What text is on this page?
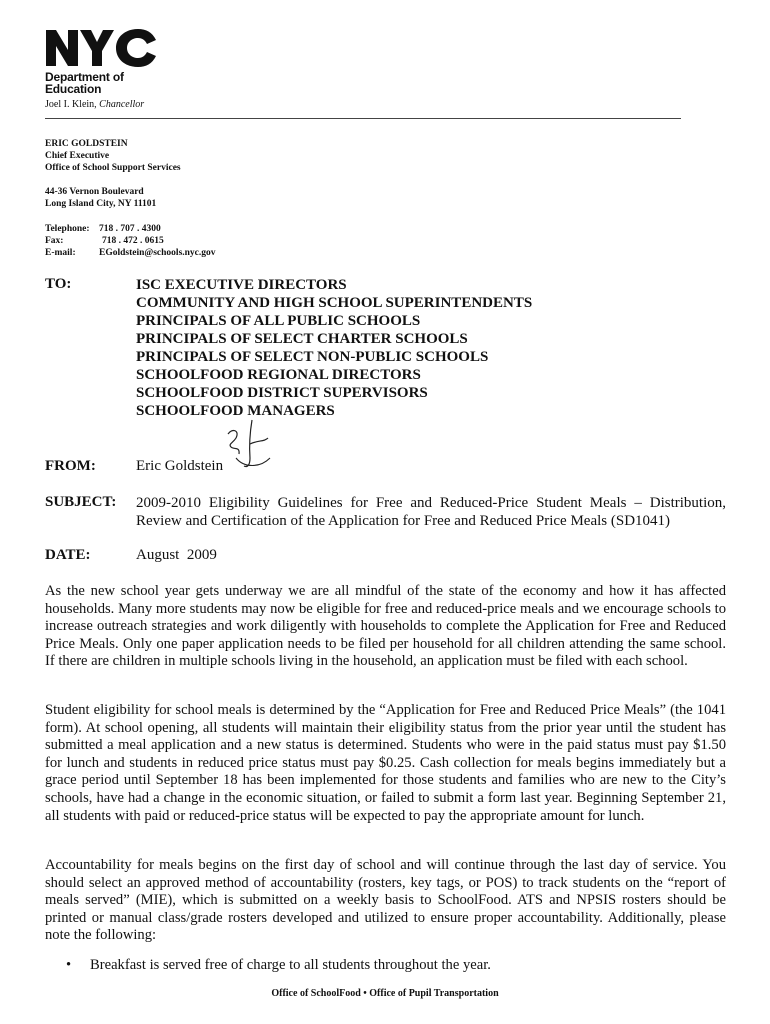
Department of
Education
Joel I. Klein, Chancellor
ERIC GOLDSTEIN
Chief Executive
Office of School Support Services
44-36 Vernon Boulevard
Long Island City, NY 11101
Telephone: 718 . 707 . 4300
Fax:	718 . 472 . 0615
E-mail: EGoldstein@schools.nyc.gov
TO:	ISC EXECUTIVE DIRECTORS
COMMUNITY AND HIGH SCHOOL SUPERINTENDENTS
PRINCIPALS OF ALL PUBLIC SCHOOLS
PRINCIPALS OF SELECT CHARTER SCHOOLS
PRINCIPALS OF SELECT NON-PUBLIC SCHOOLS
SCHOOLFOOD REGIONAL DIRECTORS
SCHOOLFOOD DISTRICT SUPERVISORS
SCHOOLFOOD MANAGERS
FROM:	Eric Goldstein
SUBJECT: 2009-2010 Eligibility Guidelines for Free and Reduced-Price Student Meals – Distribution, Review and Certification of the Application for Free and Reduced Price Meals (SD1041)
DATE:	August  2009
As the new school year gets underway we are all mindful of the state of the economy and how it has affected households. Many more students may now be eligible for free and reduced-price meals and we encourage schools to increase outreach strategies and work diligently with households to complete the Application for Free and Reduced Price Meals. Only one paper application needs to be filed per household for all children attending the same school. If there are children in multiple schools living in the household, an application must be filed with each school.
Student eligibility for school meals is determined by the “Application for Free and Reduced Price Meals” (the 1041 form). At school opening, all students will maintain their eligibility status from the prior year until the student has submitted a meal application and a new status is determined. Students who were in the paid status must pay $1.50 for lunch and students in reduced price status must pay $0.25. Cash collection for meals begins immediately but a grace period until September 18 has been implemented for those students and families who are new to the City’s schools, have had a change in the economic situation, or failed to submit a form last year. Beginning September 21, all students with paid or reduced-price status will be expected to pay the appropriate amount for lunch.
Accountability for meals begins on the first day of school and will continue through the last day of service. You should select an approved method of accountability (rosters, key tags, or POS) to track students on the “report of meals served” (MIE), which is submitted on a weekly basis to SchoolFood. ATS and NPSIS rosters should be printed or manual class/grade rosters developed and utilized to ensure proper accountability. Additionally, please note the following:
• Breakfast is served free of charge to all students throughout the year.
Office of SchoolFood • Office of Pupil Transportation
